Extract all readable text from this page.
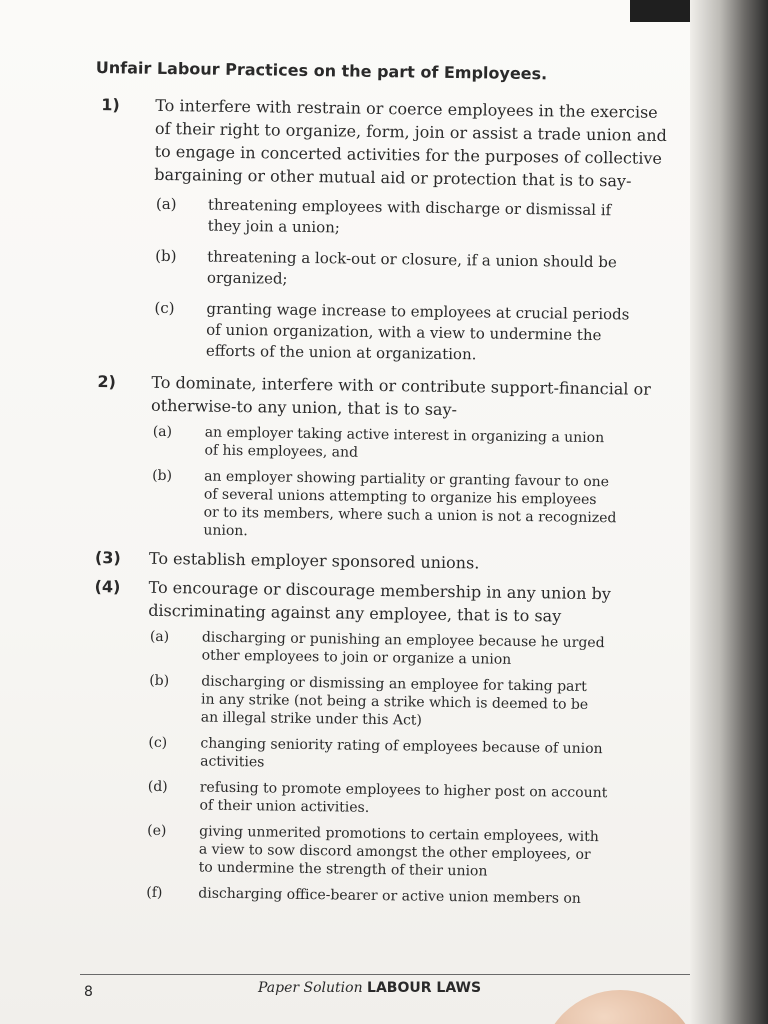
Unfair Labour Practices on the part of Employees.
1) To interfere with restrain or coerce employees in the exercise
of their right to organize, form, join or assist a trade union and
to engage in concerted activities for the purposes of collective
bargaining or other mutual aid or protection that is to say-
(a) threatening employees with discharge or dismissal if
they join a union;
(b) threatening a lock-out or closure, if a union should be
organized;
(c) granting wage increase to employees at crucial periods
of union organization, with a view to undermine the
efforts of the union at organization.
2) To dominate, interfere with or contribute support-financial or
otherwise-to any union, that is to say-
(a) an employer taking active interest in organizing a union
of his employees, and
(b) an employer showing partiality or granting favour to one
of several unions attempting to organize his employees
or to its members, where such a union is not a recognized
union.
(3) To establish employer sponsored unions.
(4) To encourage or discourage membership in any union by
discriminating against any employee, that is to say
(a) discharging or punishing an employee because he urged
other employees to join or organize a union
(b) discharging or dismissing an employee for taking part
in any strike (not being a strike which is deemed to be
an illegal strike under this Act)
(c) changing seniority rating of employees because of union
activities
(d) refusing to promote employees to higher post on account
of their union activities.
(e) giving unmerited promotions to certain employees, with
a view to sow discord amongst the other employees, or
to undermine the strength of their union
(f)	discharging office-bearer or active union members on
8	Paper Solution LABOUR LAWS
